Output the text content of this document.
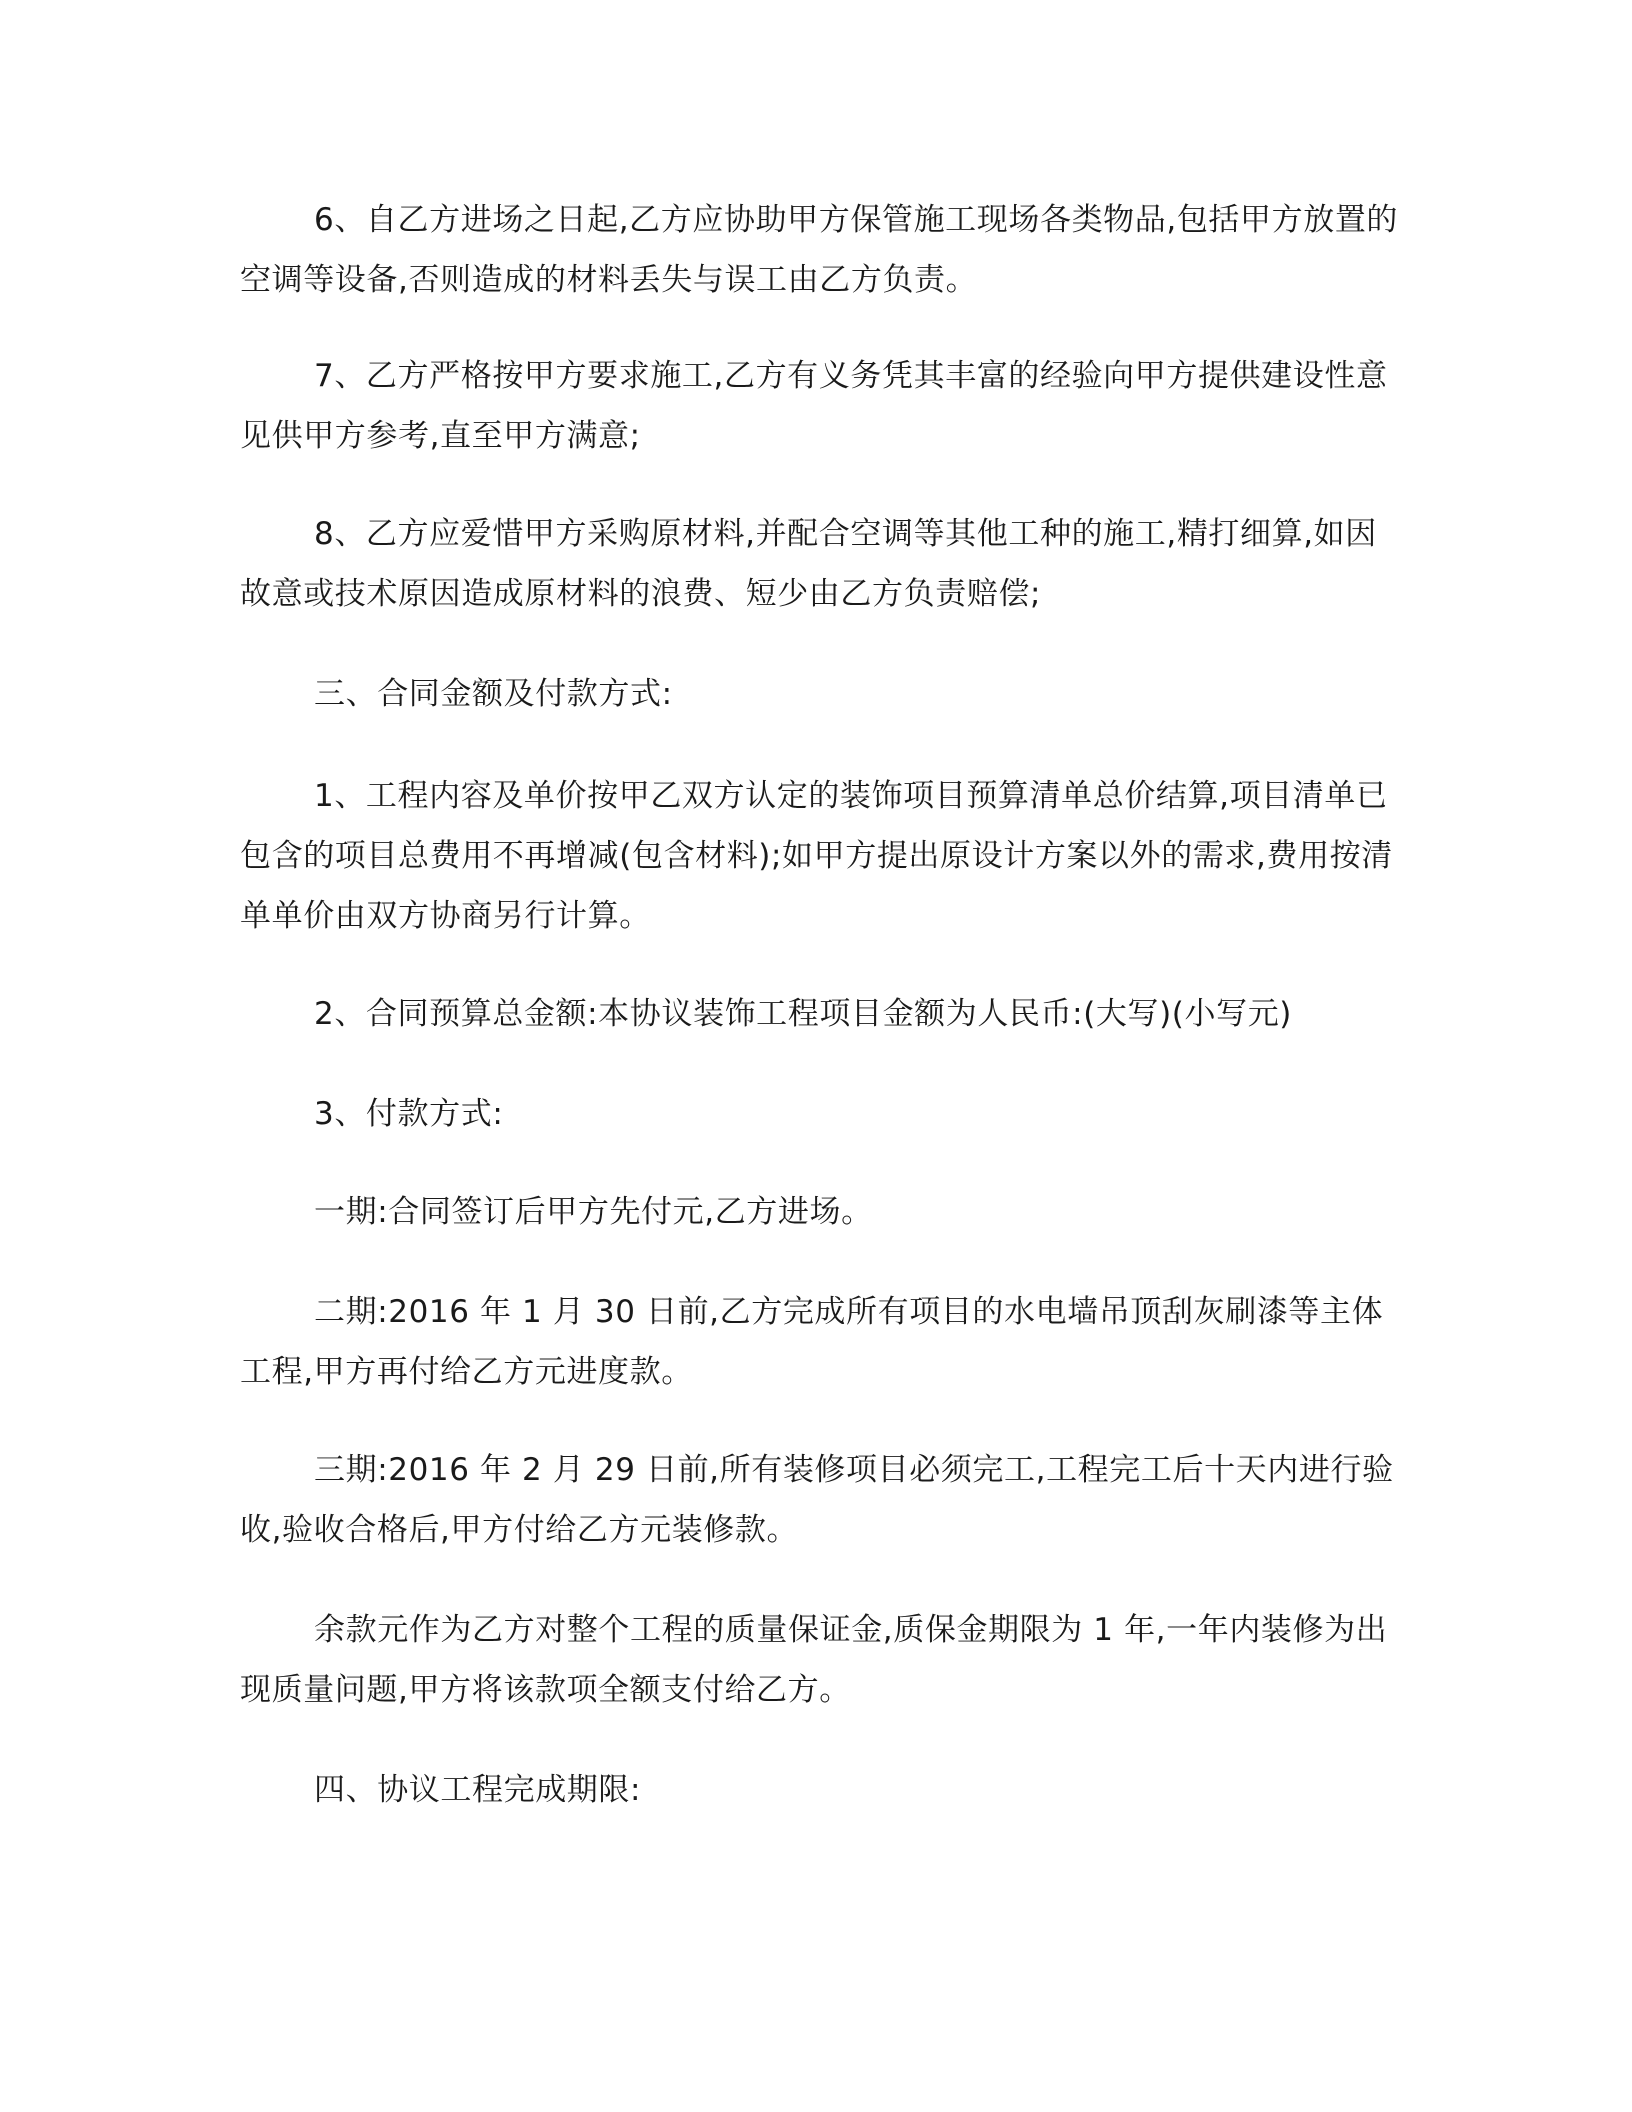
6、自乙方进场之日起,乙方应协助甲方保管施工现场各类物品,包括甲方放置的空调等设备,否则造成的材料丢失与误工由乙方负责。

7、乙方严格按甲方要求施工,乙方有义务凭其丰富的经验向甲方提供建设性意见供甲方参考,直至甲方满意;

8、乙方应爱惜甲方采购原材料,并配合空调等其他工种的施工,精打细算,如因故意或技术原因造成原材料的浪费、短少由乙方负责赔偿;

三、合同金额及付款方式:

1、工程内容及单价按甲乙双方认定的装饰项目预算清单总价结算,项目清单已包含的项目总费用不再增减(包含材料);如甲方提出原设计方案以外的需求,费用按清单单价由双方协商另行计算。

2、合同预算总金额:本协议装饰工程项目金额为人民币:(大写)(小写元)

3、付款方式:

一期:合同签订后甲方先付元,乙方进场。

二期:2016 年 1 月 30 日前,乙方完成所有项目的水电墙吊顶刮灰刷漆等主体工程,甲方再付给乙方元进度款。

三期:2016 年 2 月 29 日前,所有装修项目必须完工,工程完工后十天内进行验收,验收合格后,甲方付给乙方元装修款。

余款元作为乙方对整个工程的质量保证金,质保金期限为 1 年,一年内装修为出现质量问题,甲方将该款项全额支付给乙方。

四、协议工程完成期限:
